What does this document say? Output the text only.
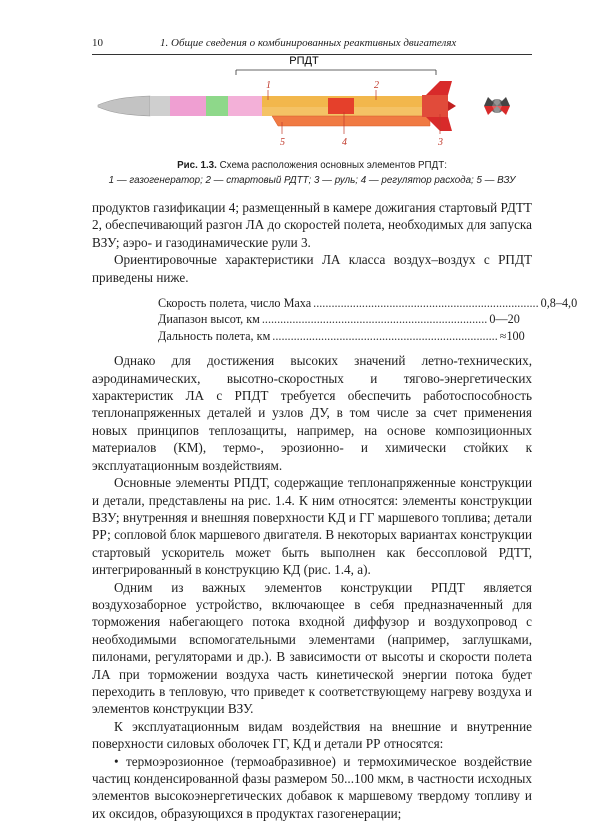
10	1. Общие сведения о комбинированных реактивных двигателях
РПДТ
1	2
3
4
5
Рис. 1.3. Схема расположения основных элементов РПДТ:
1 — газогенератор; 2 — стартовый РДТТ; 3 — руль; 4 — регулятор расхода; 5 — ВЗУ

продуктов газификации 4; размещенный в камере дожигания стартовый РДТТ 2, обеспечивающий разгон ЛА до скоростей полета, необходимых для запуска ВЗУ; аэро- и газодинамические рули 3.

Ориентировочные характеристики ЛА класса воздух–воздух с РПДТ приведены ниже.

Скорость полета, число Маха .......................................................................... 0,8–4,0
Диапазон высот, км .......................................................................... 0—20
Дальность полета, км .......................................................................... ≈100

Однако для достижения высоких значений летно-технических, аэродинамических, высотно-скоростных и тягово-энергетических характеристик ЛА с РПДТ требуется обеспечить работоспособность теплонапряженных деталей и узлов ДУ, в том числе за счет применения новых принципов теплозащиты, например, на основе композиционных материалов (КМ), термо-, эрозионно- и химически стойких к эксплуатационным воздействиям.

Основные элементы РПДТ, содержащие теплонапряженные конструкции и детали, представлены на рис. 1.4. К ним относятся: элементы конструкции ВЗУ; внутренняя и внешняя поверхности КД и ГГ маршевого топлива; детали РР; сопловой блок маршевого двигателя. В некоторых вариантах конструкции стартовый ускоритель может быть выполнен как бессопловой РДТТ, интегрированный в конструкцию КД (рис. 1.4, а).

Одним из важных элементов конструкции РПДТ является воздухозаборное устройство, включающее в себя предназначенный для торможения набегающего потока входной диффузор и воздухопровод с необходимыми вспомогательными элементами (например, заглушками, пилонами, регуляторами и др.). В зависимости от высоты и скорости полета ЛА при торможении воздуха часть кинетической энергии потока будет переходить в тепловую, что приведет к соответствующему нагреву воздуха и элементов конструкции ВЗУ.

К эксплуатационным видам воздействия на внешние и внутренние поверхности силовых оболочек ГГ, КД и детали РР относятся:

• термоэрозионное (термоабразивное) и термохимическое воздействие частиц конденсированной фазы размером 50...100 мкм, в частности исходных элементов высокоэнергетических добавок к маршевому твердому топливу и их оксидов, образующихся в продуктах газогенерации;
